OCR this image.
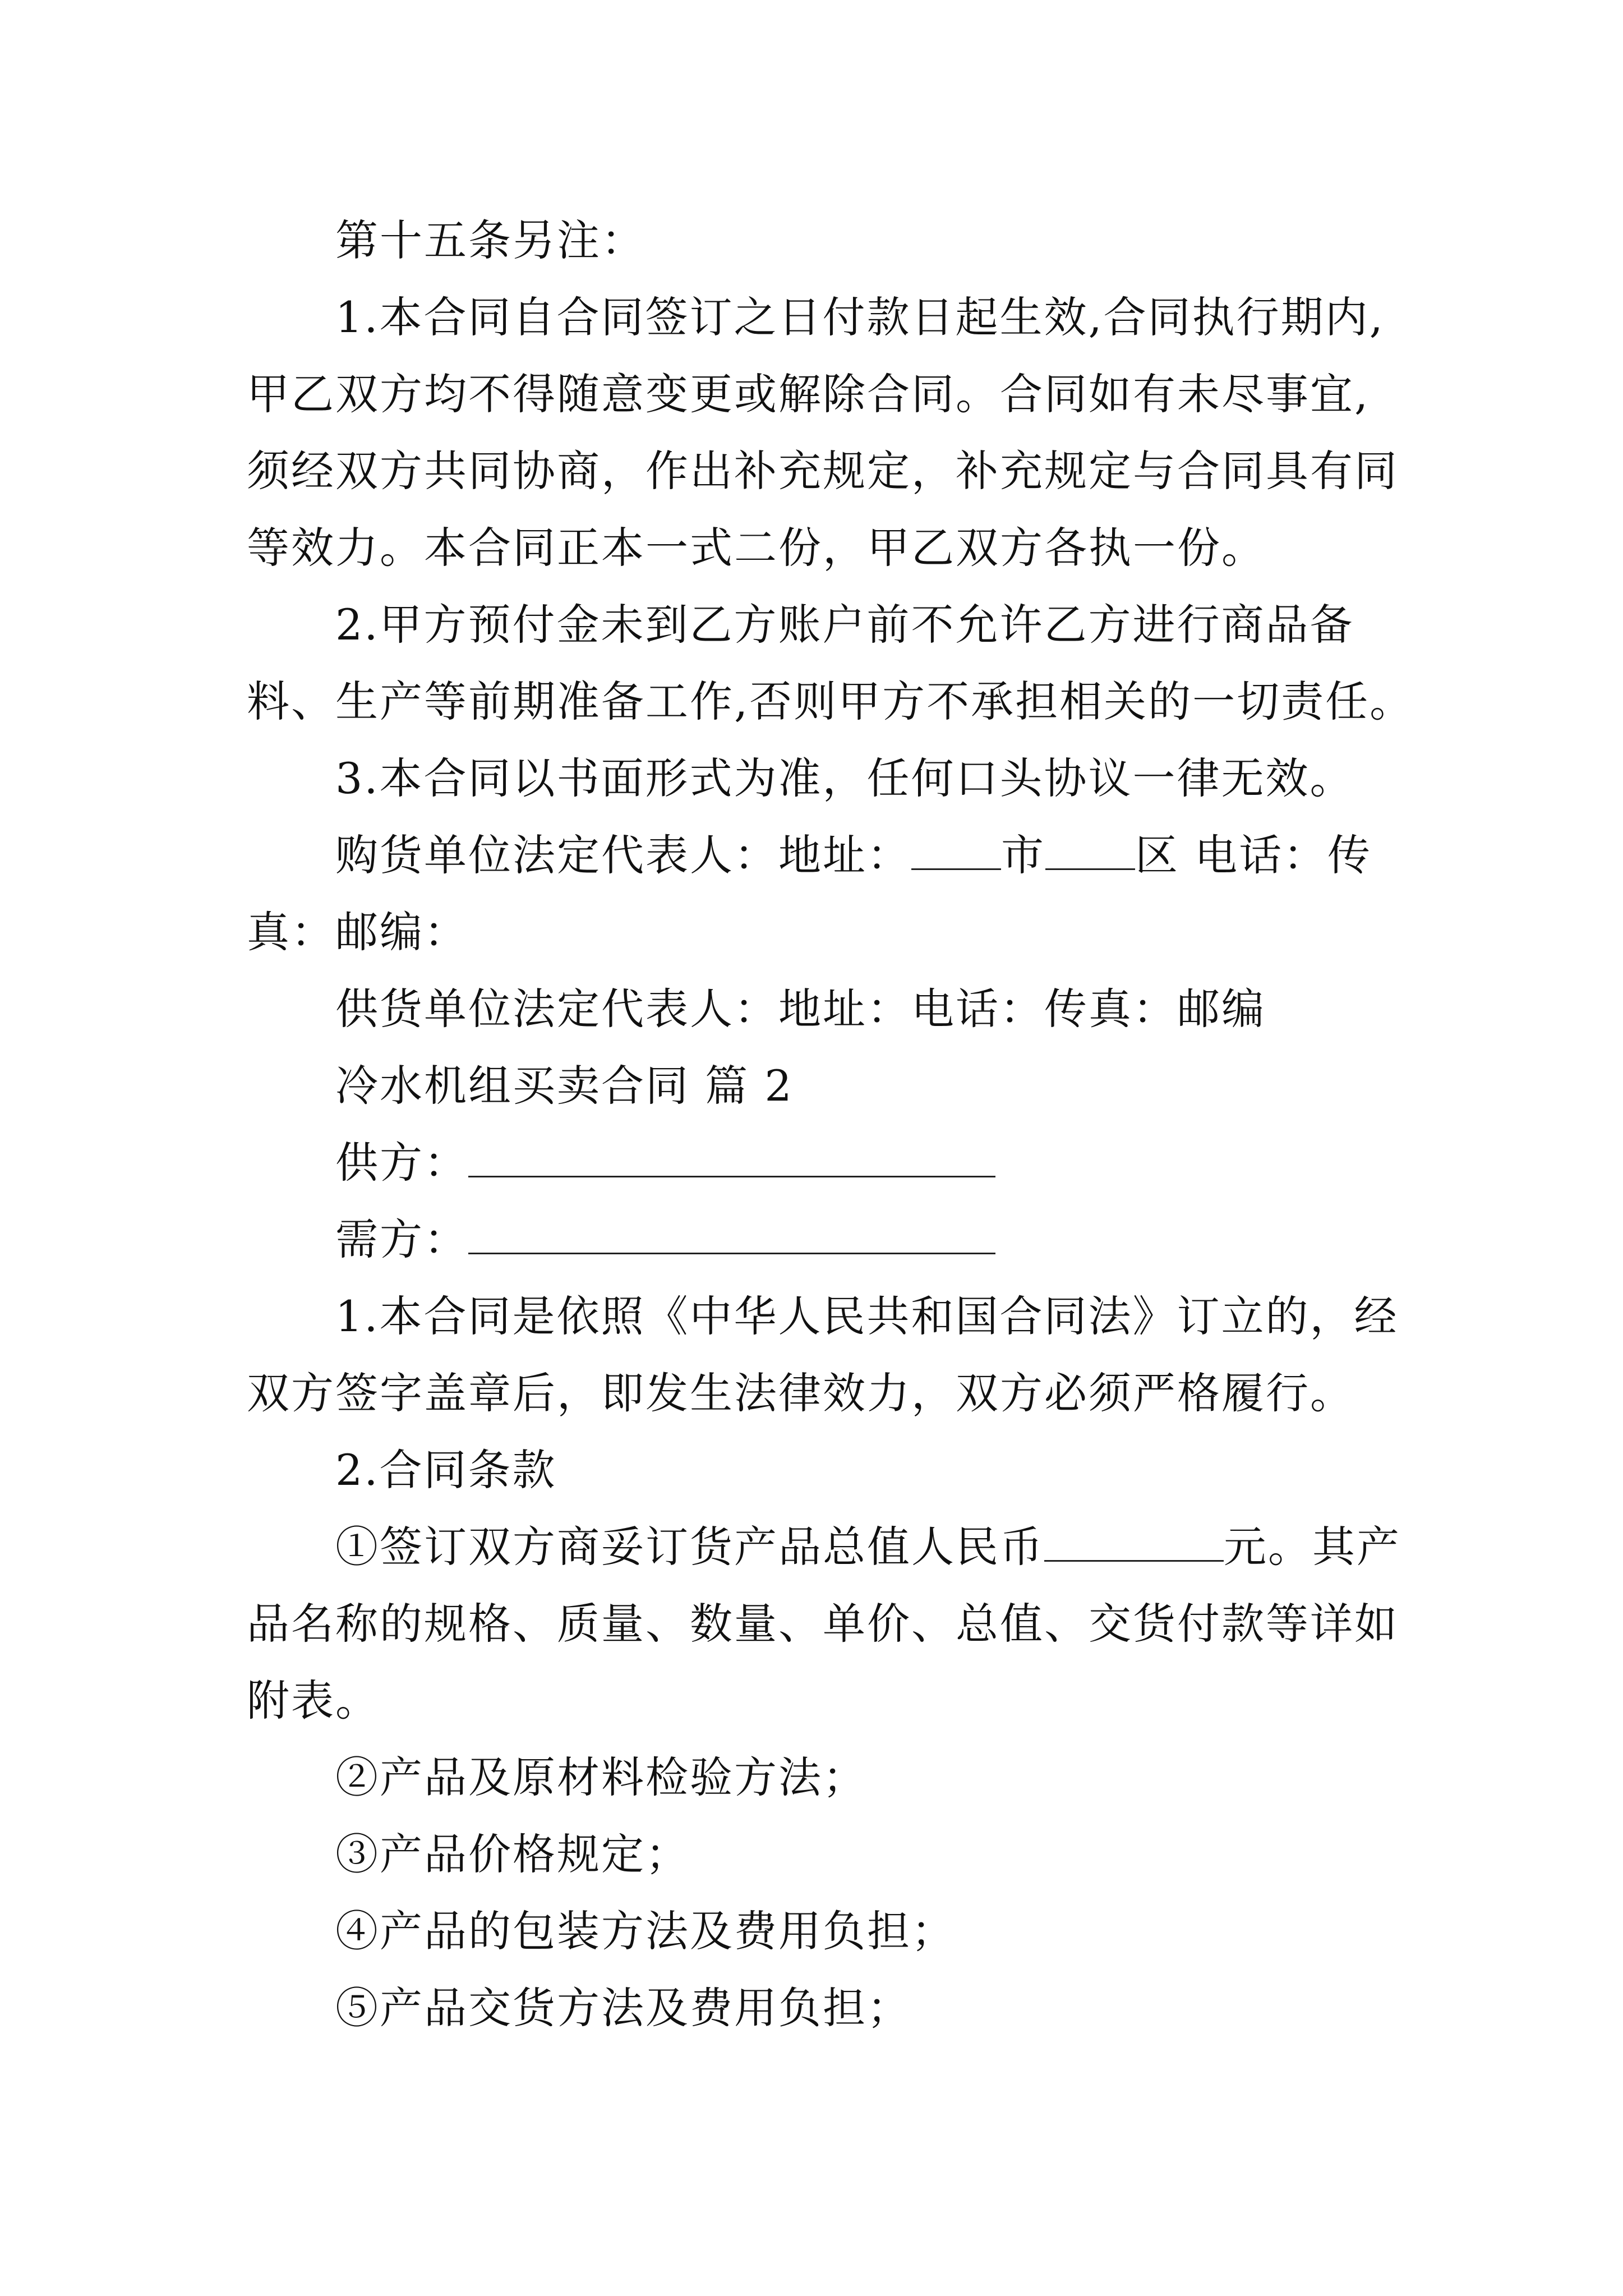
第十五条另注：
1.本合同自合同签订之日付款日起生效,合同执行期内,
甲乙双方均不得随意变更或解除合同。合同如有未尽事宜,
须经双方共同协商，作出补充规定，补充规定与合同具有同
等效力。本合同正本一式二份，甲乙双方各执一份。
2.甲方预付金未到乙方账户前不允许乙方进行商品备
料、生产等前期准备工作,否则甲方不承担相关的一切责任。
3.本合同以书面形式为准，任何口头协议一律无效。
购货单位法定代表人：地址： 市 区 电话：传
真：邮编：
供货单位法定代表人：地址：电话：传真：邮编
冷水机组买卖合同 篇 2
供方：
需方：
1.本合同是依照《中华人民共和国合同法》订立的，经
双方签字盖章后，即发生法律效力，双方必须严格履行。
2.合同条款
①签订双方商妥订货产品总值人民币	元。其产
品名称的规格、质量、数量、单价、总值、交货付款等详如
附表。
②产品及原材料检验方法；
③产品价格规定；
④产品的包装方法及费用负担；
⑤产品交货方法及费用负担；
